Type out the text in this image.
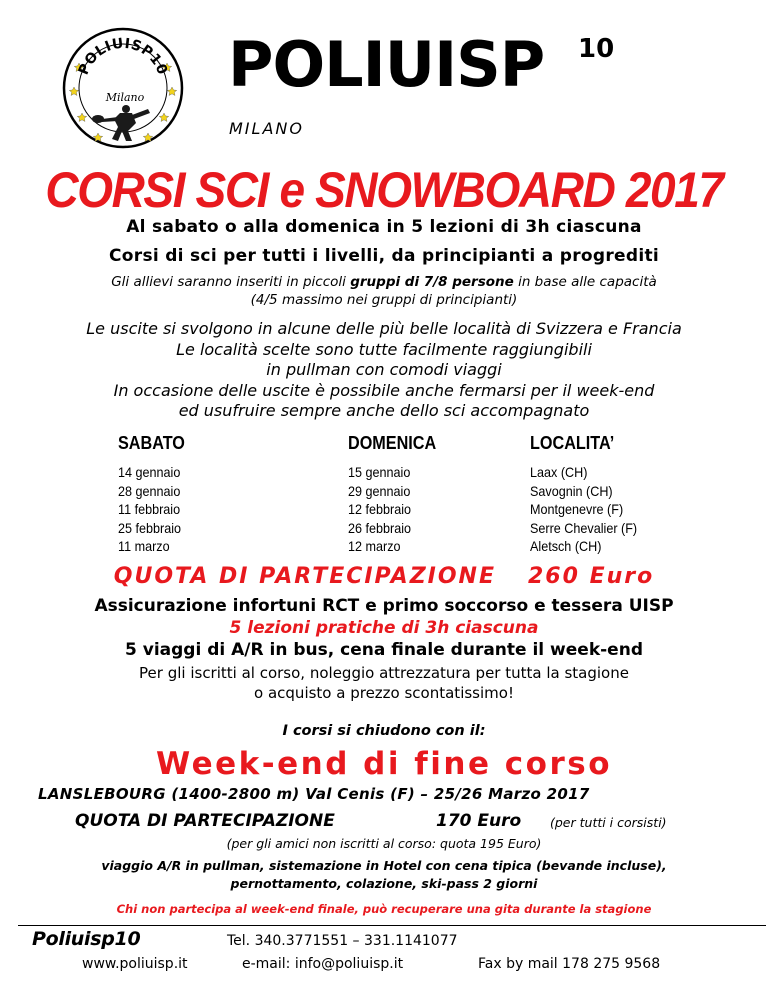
POLIUISP10
Milano POLIUISP 10
MILANO
CORSI SCI e SNOWBOARD 2017
Al sabato o alla domenica in 5 lezioni di 3h ciascuna
Corsi di sci per tutti i livelli, da principianti a progrediti
Gli allievi saranno inseriti in piccoli gruppi di 7/8 persone in base alle capacità
(4/5 massimo nei gruppi di principianti)
Le uscite si svolgono in alcune delle più belle località di Svizzera e Francia
Le località scelte sono tutte facilmente raggiungibili
in pullman con comodi viaggi
In occasione delle uscite è possibile anche fermarsi per il week-end
ed usufruire sempre anche dello sci accompagnato
SABATO
14 gennaio
28 gennaio
11 febbraio
25 febbraio
11 marzo
DOMENICA
15 gennaio
29 gennaio
12 febbraio
26 febbraio
12 marzo
LOCALITA’
Laax (CH)
Savognin (CH)
Montgenevre (F)
Serre Chevalier (F)
Aletsch (CH)
QUOTA DI PARTECIPAZIONE 260 Euro
Assicurazione infortuni RCT e primo soccorso e tessera UISP
5 lezioni pratiche di 3h ciascuna
5 viaggi di A/R in bus, cena finale durante il week-end
Per gli iscritti al corso, noleggio attrezzatura per tutta la stagione
o acquisto a prezzo scontatissimo!
I corsi si chiudono con il:
Week-end di fine corso
LANSLEBOURG (1400-2800 m) Val Cenis (F) – 25/26 Marzo 2017
QUOTA DI PARTECIPAZIONE	170 Euro (per tutti i corsisti)
(per gli amici non iscritti al corso: quota 195 Euro)
viaggio A/R in pullman, sistemazione in Hotel con cena tipica (bevande incluse),
pernottamento, colazione, ski-pass 2 giorni
Chi non partecipa al week-end finale, può recuperare una gita durante la stagione
Poliuisp10
www.poliuisp.it
Tel. 340.3771551 – 331.1141077
e-mail: info@poliuisp.it	Fax by mail 178 275 9568
